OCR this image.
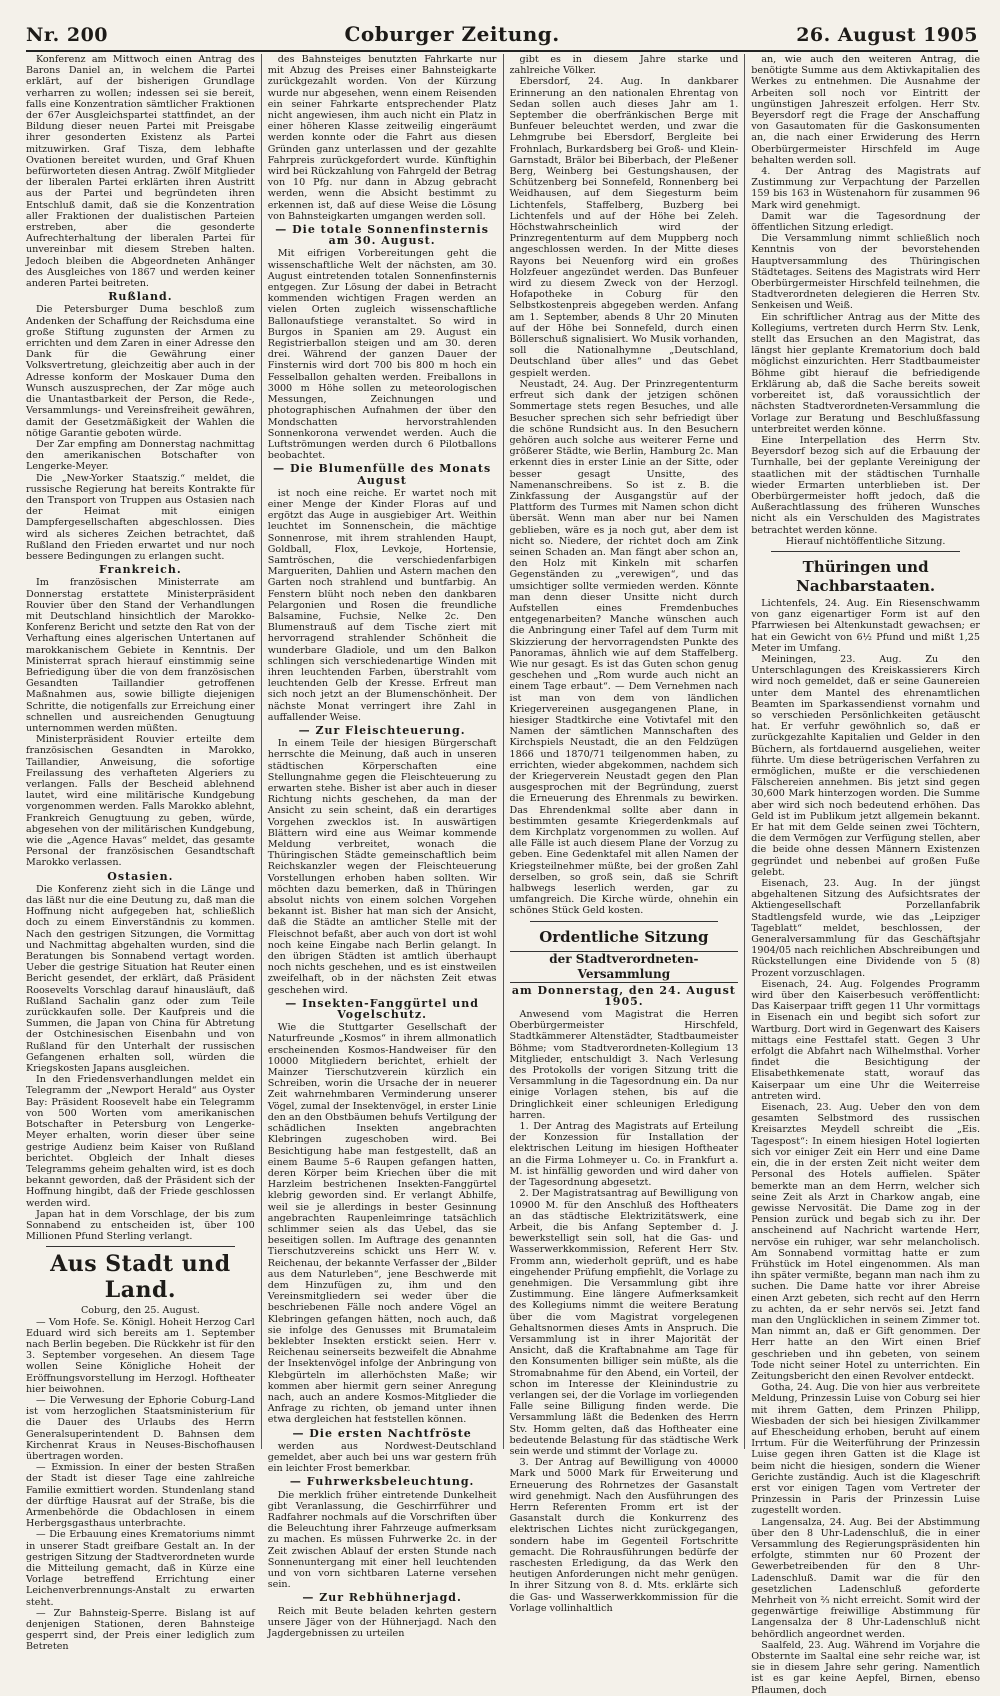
Nr. 200	Coburger Zeitung.	26. August 1905

Konferenz am Mittwoch einen Antrag des Barons Daniel an, in welchem die Partei erklärt, auf der bisherigen Grundlage verharren zu wollen; indessen sei sie bereit, falls eine Konzentration sämtlicher Fraktionen der 67er Ausgleichspartei stattfindet, an der Bildung dieser neuen Partei mit Preisgabe ihrer gesonderten Existenz als Partei mitzuwirken. Graf Tisza, dem lebhafte Ovationen bereitet wurden, und Graf Khuen befürworteten diesen Antrag. Zwölf Mitglieder der liberalen Partei erklärten ihren Austritt aus der Partei und begründeten ihren Entschluß damit, daß sie die Konzentration aller Fraktionen der dualistischen Parteien erstreben, aber die gesonderte Aufrechterhaltung der liberalen Partei für unvereinbar mit diesem Streben halten. Jedoch bleiben die Abgeordneten Anhänger des Ausgleiches von 1867 und werden keiner anderen Partei beitreten.

Rußland.

Die Petersburger Duma beschloß zum Andenken der Schaffung der Reichsduma eine große Stiftung zugunsten der Armen zu errichten und dem Zaren in einer Adresse den Dank für die Gewährung einer Volksvertretung, gleichzeitig aber auch in der Adresse konform der Moskauer Duma den Wunsch auszusprechen, der Zar möge auch die Unantastbarkeit der Person, die Rede-, Versammlungs- und Vereinsfreiheit gewähren, damit der Gesetzmäßigkeit der Wahlen die nötige Garantie geboten würde.

Der Zar empfing am Donnerstag nachmittag den amerikanischen Botschafter von Lengerke-Meyer.

Die „New-Yorker Staatszig.“ meldet, die russische Regierung hat bereits Kontrakte für den Transport von Truppen aus Ostasien nach der Heimat mit einigen Dampfergesellschaften abgeschlossen. Dies wird als sicheres Zeichen betrachtet, daß Rußland den Frieden erwartet und nur noch bessere Bedingungen zu erlangen sucht.

Frankreich.

Im französischen Ministerrate am Donnerstag erstattete Ministerpräsident Rouvier über den Stand der Verhandlungen mit Deutschland hinsichtlich der Marokko-Konferenz Bericht und setzte den Rat von der Verhaftung eines algerischen Untertanen auf marokkanischem Gebiete in Kenntnis. Der Ministerrat sprach hierauf einstimmig seine Befriedigung über die von dem französischen Gesandten Taillandier getroffenen Maßnahmen aus, sowie billigte diejenigen Schritte, die notigenfalls zur Erreichung einer schnellen und ausreichenden Genugtuung unternommen werden müßten.

Ministerpräsident Rouvier erteilte dem französischen Gesandten in Marokko, Taillandier, Anweisung, die sofortige Freilassung des verhafteten Algeriers zu verlangen. Falls der Bescheid ablehnend lautet, wird eine militärische Kundgebung vorgenommen werden. Falls Marokko ablehnt, Frankreich Genugtuung zu geben, würde, abgesehen von der militärischen Kundgebung, wie die „Agence Havas“ meldet, das gesamte Personal der französischen Gesandtschaft Marokko verlassen.

Ostasien.

Die Konferenz zieht sich in die Länge und das läßt nur die eine Deutung zu, daß man die Hoffnung nicht aufgegeben hat, schließlich doch zu einem Einverständnis zu kommen. Nach den gestrigen Sitzungen, die Vormittag und Nachmittag abgehalten wurden, sind die Beratungen bis Sonnabend vertagt worden. Ueber die gestrige Situation hat Reuter einen Bericht gesendet, der erklärt, daß Präsident Roosevelts Vorschlag darauf hinausläuft, daß Rußland Sachalin ganz oder zum Teile zurückkaufen solle. Der Kaufpreis und die Summen, die Japan von China für Abtretung der Ostchinesischen Eisenbahn und von Rußland für den Unterhalt der russischen Gefangenen erhalten soll, würden die Kriegskosten Japans ausgleichen.

In den Friedensverhandlungen meldet ein Telegramm der „Newport Herald“ aus Oyster Bay: Präsident Roosevelt habe ein Telegramm von 500 Worten vom amerikanischen Botschafter in Petersburg von Lengerke-Meyer erhalten, worin dieser über seine gestrige Audienz beim Kaiser von Rußland berichtet. Obgleich der Inhalt dieses Telegramms geheim gehalten wird, ist es doch bekannt geworden, daß der Präsident sich der Hoffnung hingibt, daß der Friede geschlossen werden wird.

Japan hat in dem Vorschlage, der bis zum Sonnabend zu entscheiden ist, über 100 Millionen Pfund Sterling verlangt.

Aus Stadt und Land.

Coburg, den 25. August.

— Vom Hofe. Se. Königl. Hoheit Herzog Carl Eduard wird sich bereits am 1. September nach Berlin begeben. Die Rückkehr ist für den 3. September vorgesehen. An diesem Tage wollen Seine Königliche Hoheit der Eröffnungsvorstellung im Herzogl. Hoftheater hier beiwohnen.

— Die Verwesung der Ephorie Coburg-Land ist vom herzoglichen Staatsministerium für die Dauer des Urlaubs des Herrn Generalsuperintendent D. Bahnsen dem Kirchenrat Kraus in Neuses-Bischofhausen übertragen worden.

— Exmission. In einer der besten Straßen der Stadt ist dieser Tage eine zahlreiche Familie exmittiert worden. Stundenlang stand der dürftige Hausrat auf der Straße, bis die Armenbehörde die Obdachlosen in einem Herbergsgasthaus unterbrachte.

— Die Erbauung eines Krematoriums nimmt in unserer Stadt greifbare Gestalt an. In der gestrigen Sitzung der Stadtverordneten wurde die Mitteilung gemacht, daß in Kürze eine Vorlage betreffend Errichtung einer Leichenverbrennungs-Anstalt zu erwarten steht.

— Zur Bahnsteig-Sperre. Bislang ist auf denjenigen Stationen, deren Bahnsteige gesperrt sind, der Preis einer lediglich zum Betreten

des Bahnsteiges benutzten Fahrkarte nur mit Abzug des Preises einer Bahnsteigkarte zurückgezahlt worden. Von der Kürzung wurde nur abgesehen, wenn einem Reisenden ein seiner Fahrkarte entsprechender Platz nicht angewiesen, ihm auch nicht ein Platz in einer höheren Klasse zeitweilig eingeräumt werden konnte oder die Fahrt aus diesen Gründen ganz unterlassen und der gezahlte Fahrpreis zurückgefordert wurde. Künftighin wird bei Rückzahlung von Fahrgeld der Betrag von 10 Pfg. nur dann in Abzug gebracht werden, wenn die Absicht bestimmt zu erkennen ist, daß auf diese Weise die Lösung von Bahnsteigkarten umgangen werden soll.

— Die totale Sonnenfinsternis am 30. August.

Mit eifrigen Vorbereitungen geht die wissenschaftliche Welt der nächsten, am 30. August eintretenden totalen Sonnenfinsternis entgegen. Zur Lösung der dabei in Betracht kommenden wichtigen Fragen werden an vielen Orten zugleich wissenschaftliche Ballonaufstiege veranstaltet. So wird in Burgos in Spanien am 29. August ein Registrierballon steigen und am 30. deren drei. Während der ganzen Dauer der Finsternis wird dort 700 bis 800 m hoch ein Fesselballon gehalten werden. Freiballons in 3000 m Höhe sollen zu meteorologischen Messungen, Zeichnungen und photographischen Aufnahmen der über den Mondschatten hervorstrahlenden Sonnenkorona verwendet werden. Auch die Luftströmungen werden durch 6 Pilotballons beobachtet.

— Die Blumenfülle des Monats August

ist noch eine reiche. Er wartet noch mit einer Menge der Kinder Floras auf und ergötzt das Auge in ausgiebiger Art. Weithin leuchtet im Sonnenschein, die mächtige Sonnenrose, mit ihrem strahlenden Haupt, Goldball, Flox, Levkoje, Hortensie, Samtröschen, die verschiedenfarbigen Margueriten, Dahlien und Astern machen den Garten noch strahlend und buntfarbig. An Fenstern blüht noch neben den dankbaren Pelargonien und Rosen die freundliche Balsamine, Fuchsie, Nelke 2c. Den Blumenstrauß auf dem Tische ziert mit hervorragend strahlender Schönheit die wunderbare Gladiole, und um den Balkon schlingen sich verschiedenartige Winden mit ihren leuchtenden Farben, überstrahlt vom leuchtenden Gelb der Kresse. Erfreut man sich noch jetzt an der Blumenschönheit. Der nächste Monat verringert ihre Zahl in auffallender Weise.

— Zur Fleischteuerung.

In einem Teile der hiesigen Bürgerschaft herrschte die Meinung, daß auch in unseren städtischen Körperschaften eine Stellungnahme gegen die Fleischteuerung zu erwarten stehe. Bisher ist aber auch in dieser Richtung nichts geschehen, da man der Ansicht zu sein scheint, daß ein derartiges Vorgehen zwecklos ist. In auswärtigen Blättern wird eine aus Weimar kommende Meldung verbreitet, wonach die Thüringischen Städte gemeinschaftlich beim Reichskanzler wegen der Fleischteuerung Vorstellungen erhoben haben sollten. Wir möchten dazu bemerken, daß in Thüringen absolut nichts von einem solchen Vorgehen bekannt ist. Bisher hat man sich der Ansicht, daß die Städte an amtlicher Stelle mit der Fleischnot befaßt, aber auch von dort ist wohl noch keine Eingabe nach Berlin gelangt. In den übrigen Städten ist amtlich überhaupt noch nichts geschehen, und es ist einstweilen zweifelhaft, ob in der nächsten Zeit etwas geschehen wird.

— Insekten-Fanggürtel und Vogelschutz.

Wie die Stuttgarter Gesellschaft der Naturfreunde „Kosmos“ in ihrem allmonatlich erscheinenden Kosmos-Handweiser für den 10000 Mitgliedern berichtet, erhielt der Mainzer Tierschutzverein kürzlich ein Schreiben, worin die Ursache der in neuerer Zeit wahrnehmbaren Verminderung unserer Vögel, zumal der Insektenvögel, in erster Linie den an den Obstbäumen behufs Vertilgung der schädlichen Insekten angebrachten Klebringen zugeschoben wird. Bei Besichtigung habe man festgestellt, daß an einem Baume 5–6 Raupen gefangen hatten, deren Körper beim Kriechen über die mit Harzleim bestrichenen Insekten-Fanggürtel klebrig geworden sind. Er verlangt Abhilfe, weil sie je allerdings in bester Gesinnung angebrachten Raupenleimringe tatsächlich schlimmer seien als das Uebel, das sie beseitigen sollen. Im Auftrage des genannten Tierschutzvereins schickt uns Herr W. v. Reichenau, der bekannte Verfasser der „Bilder aus dem Naturleben“, jene Beschwerde mit dem Hinzufügen zu, ihm und den Vereinsmitgliedern sei weder über die beschriebenen Fälle noch andere Vögel an Klebringen gefangen hätten, noch auch, daß sie infolge des Genusses mit Brumataleim beklebter Insekten erstickt seien. Herr v. Reichenau seinerseits bezweifelt die Abnahme der Insektenvögel infolge der Anbringung von Klebgürteln im allerhöchsten Maße; wir kommen aber hiermit gern seiner Anregung nach, auch an andere Kosmos-Mitglieder die Anfrage zu richten, ob jemand unter ihnen etwa dergleichen hat feststellen können.

— Die ersten Nachtfröste

werden aus Nordwest-Deutschland gemeldet, aber auch bei uns war gestern früh ein leichter Frost bemerkbar.

— Fuhrwerksbeleuchtung.

Die merklich früher eintretende Dunkelheit gibt Veranlassung, die Geschirrführer und Radfahrer nochmals auf die Vorschriften über die Beleuchtung ihrer Fahrzeuge aufmerksam zu machen. Es müssen Fuhrwerke 2c. in der Zeit zwischen Ablauf der ersten Stunde nach Sonnenuntergang mit einer hell leuchtenden und von vorn sichtbaren Laterne versehen sein.

— Zur Rebhühnerjagd.

Reich mit Beute beladen kehrten gestern unsere Jäger von der Hühnerjagd. Nach den Jagdergebnissen zu urteilen

gibt es in diesem Jahre starke und zahlreiche Völker.

Ebersdorf, 24. Aug. In dankbarer Erinnerung an den nationalen Ehrentag von Sedan sollen auch dieses Jahr am 1. September die oberfränkischen Berge mit Bunfeuer beleuchtet werden, und zwar die Lehmgrube bei Ebersdorf, Bergleite bei Frohnlach, Burkardsberg bei Groß- und Klein-Garnstadt, Brälor bei Biberbach, der Pleßener Berg, Weinberg bei Gestungshausen, der Schützenberg bei Sonnefeld, Ronnenberg bei Weidhausen, auf dem Siegesturm beim Lichtenfels, Staffelberg, Buzberg bei Lichtenfels und auf der Höhe bei Zeleh. Höchstwahrscheinlich wird der Prinzregententurm auf dem Muppberg noch angeschlossen werden. In der Mitte dieses Rayons bei Neuenforg wird ein großes Holzfeuer angezündet werden. Das Bunfeuer wird zu diesem Zweck von der Herzogl. Hofapotheke in Coburg für den Selbstkostenpreis abgegeben werden. Anfang am 1. September, abends 8 Uhr 20 Minuten auf der Höhe bei Sonnefeld, durch einen Böllerschuß signalisiert. Wo Musik vorhanden, soll die Nationalhymne „Deutschland, Deutschland über alles“ und das Gebet gespielt werden.

Neustadt, 24. Aug. Der Prinzregententurm erfreut sich dank der jetzigen schönen Sommertage stets regen Besuches, und alle Besucher sprechen sich sehr befriedigt über die schöne Rundsicht aus. In den Besuchern gehören auch solche aus weiterer Ferne und größerer Städte, wie Berlin, Hamburg 2c. Man erkennt dies in erster Linie an der Sitte, oder besser gesagt Unsitte, des Namenanschreibens. So ist z. B. die Zinkfassung der Ausgangstür auf der Plattform des Turmes mit Namen schon dicht übersät. Wenn man aber nur bei Namen geblieben, wäre es ja noch gut, aber dem ist nicht so. Niedere, der richtet doch am Zink seinen Schaden an. Man fängt aber schon an, den Holz mit Kinkeln mit scharfen Gegenständen zu „verewigen“, und das umsichtiger sollte vermieden werden. Könnte man denn dieser Unsitte nicht durch Aufstellen eines Fremdenbuches entgegenarbeiten? Manche wünschen auch die Anbringung einer Tafel auf dem Turm mit Skizzierung der hervorragendsten Punkte des Panoramas, ähnlich wie auf dem Staffelberg. Wie nur gesagt. Es ist das Guten schon genug geschehen und „Rom wurde auch nicht an einem Tage erbaut“. — Dem Vernehmen nach ist man von dem von ländlichen Kriegervereinen ausgegangenen Plane, in hiesiger Stadtkirche eine Votivtafel mit den Namen der sämtlichen Mannschaften des Kirchspiels Neustadt, die an den Feldzügen 1866 und 1870/71 teilgenommen haben, zu errichten, wieder abgekommen, nachdem sich der Kriegerverein Neustadt gegen den Plan ausgesprochen mit der Begründung, zuerst die Erneuerung des Ehrenmals zu bewirken. Das Ehrendenkmal sollte aber dann in bestimmten gesamte Kriegerdenkmals auf dem Kirchplatz vorgenommen zu wollen. Auf alle Fälle ist auch diesem Plane der Vorzug zu geben. Eine Gedenktafel mit allen Namen der Kriegsteilnehmer müßte, bei der großen Zahl derselben, so groß sein, daß sie Schrift halbwegs leserlich werden, gar zu umfangreich. Die Kirche würde, ohnehin ein schönes Stück Geld kosten.

Ordentliche Sitzung
der Stadtverordneten-Versammlung

am Donnerstag, den 24. August 1905.

Anwesend vom Magistrat die Herren Oberbürgermeister Hirschfeld, Stadtkämmerer Altenstädter, Stadtbaumeister Böhme; vom Stadtverordneten-Kollegium 13 Mitglieder, entschuldigt 3. Nach Verlesung des Protokolls der vorigen Sitzung tritt die Versammlung in die Tagesordnung ein. Da nur einige Vorlagen stehen, bis auf die Dringlichkeit einer schleunigen Erledigung harren.

1. Der Antrag des Magistrats auf Erteilung der Konzession für Installation der elektrischen Leitung im hiesigen Hoftheater an die Firma Lohmeyer u. Co. in Frankfurt a. M. ist hinfällig geworden und wird daher von der Tagesordnung abgesetzt.

2. Der Magistratsantrag auf Bewilligung von 10900 M. für den Anschluß des Hoftheaters an das städtische Elektrizitätswerk, eine Arbeit, die bis Anfang September d. J. bewerkstelligt sein soll, hat die Gas- und Wasserwerkkommission, Referent Herr Stv. Fromm ann, wiederholt geprüft, und es habe eingehender Prüfung empfiehlt, die Vorlage zu genehmigen. Die Versammlung gibt ihre Zustimmung. Eine längere Aufmerksamkeit des Kollegiums nimmt die weitere Beratung über die vom Magistrat vorgelegenen Gehaltsnormen dieses Amts in Anspruch. Die Versammlung ist in ihrer Majorität der Ansicht, daß die Kraftabnahme am Tage für den Konsumenten billiger sein müßte, als die Stromabnahme für den Abend, ein Vorteil, der schon im Interesse der Kleinindustrie zu verlangen sei, der die Vorlage im vorliegenden Falle seine Billigung finden werde. Die Versammlung läßt die Bedenken des Herrn Stv. Homm gelten, daß das Hoftheater eine bedeutende Belastung für das städtische Werk sein werde und stimmt der Vorlage zu.

3. Der Antrag auf Bewilligung von 40000 Mark und 5000 Mark für Erweiterung und Erneuerung des Rohrnetzes der Gasanstalt wird genehmigt. Nach den Ausführungen des Herrn Referenten Fromm ert ist der Gasanstalt durch die Konkurrenz des elektrischen Lichtes nicht zurückgegangen, sondern habe im Gegenteil Fortschritte gemacht. Die Rohrausführungen bedürfe der raschesten Erledigung, da das Werk den heutigen Anforderungen nicht mehr genügen. In ihrer Sitzung von 8. d. Mts. erklärte sich die Gas- und Wasserwerkkommission für die Vorlage vollinhaltlich

an, wie auch den weiteren Antrag, die benötigte Summe aus dem Aktivkapitalien des Werkes zu entnehmen. Die Ausnahme der Arbeiten soll noch vor Eintritt der ungünstigen Jahreszeit erfolgen. Herr Stv. Beyersdorf regt die Frage der Anschaffung von Gasautomaten für die Gaskonsumenten an, die nach einer Erwiderung des Herrn Oberbürgermeister Hirschfeld im Auge behalten werden soll.

4. Der Antrag des Magistrats auf Zustimmung zur Verpachtung der Parzellen 159 bis 163 in Wüstenahorn für zusammen 96 Mark wird genehmigt.

Damit war die Tagesordnung der öffentlichen Sitzung erledigt.

Die Versammlung nimmt schließlich noch Kenntnis von der bevorstehenden Hauptversammlung des Thüringischen Städtetages. Seitens des Magistrats wird Herr Oberbürgermeister Hirschfeld teilnehmen, die Stadtverordneten delegieren die Herren Stv. Senkeisen und Weiß.

Ein schriftlicher Antrag aus der Mitte des Kollegiums, vertreten durch Herrn Stv. Lenk, stellt das Ersuchen an den Magistrat, das längst hier geplante Krematorium doch bald möglichst einzurichten. Herr Stadtbaumeister Böhme gibt hierauf die befriedigende Erklärung ab, daß die Sache bereits soweit vorbereitet ist, daß voraussichtlich der nächsten Stadtverordneten-Versammlung die Vorlage zur Beratung und Beschlußfassung unterbreitet werden könne.

Eine Interpellation des Herrn Stv. Beyersdorf bezog sich auf die Erbauung der Turnhalle, bei der geplante Vereinigung der staatlichen mit der städtischen Turnhalle wieder Ermarten unterblieben ist. Der Oberbürgermeister hofft jedoch, daß die Außerachtlassung des früheren Wunsches nicht als ein Verschulden des Magistrates betrachtet werden könne.

Hierauf nichtöffentliche Sitzung.

Thüringen und Nachbarstaaten.

Lichtenfels, 24. Aug. Ein Riesenschwamm von ganz eigenartiger Form ist auf den Pfarrwiesen bei Altenkunstadt gewachsen; er hat ein Gewicht von 6½ Pfund und mißt 1,25 Meter im Umfang.

Meiningen, 23. Aug. Zu den Unterschlagungen des Kreiskassierers Kirch wird noch gemeldet, daß er seine Gaunereien unter dem Mantel des ehrenamtlichen Beamten im Sparkassendienst vornahm und so verschieden Persönlichkeiten getäuscht hat. Er verfuhr gewöhnlich so, daß er zurückgezahlte Kapitalien und Gelder in den Büchern, als fortdauernd ausgeliehen, weiter führte. Um diese betrügerischen Verfahren zu ermöglichen, mußte er die verschiedenen Fälschereien annehmen. Bis jetzt sind gegen 30,600 Mark hinterzogen worden. Die Summe aber wird sich noch bedeutend erhöhen. Das Geld ist im Publikum jetzt allgemein bekannt. Er hat mit dem Gelde seinen zwei Töchtern, die dem Vermögen zur Verfügung stellen, aber die beide ohne dessen Männern Existenzen gegründet und nebenbei auf großen Fuße gelebt.

Eisenach, 23. Aug. In der jüngst abgehaltenen Sitzung des Aufsichtsrates der Aktiengesellschaft Porzellanfabrik Stadtlengsfeld wurde, wie das „Leipziger Tageblatt“ meldet, beschlossen, der Generalversammlung für das Geschäftsjahr 1904/05 nach reichlichen Abschreibungen und Rückstellungen eine Dividende von 5 (8) Prozent vorzuschlagen.

Eisenach, 24. Aug. Folgendes Programm wird über den Kaiserbesuch veröffentlicht: Das Kaiserpaar trifft gegen 11 Uhr vormittags in Eisenach ein und begibt sich sofort zur Wartburg. Dort wird in Gegenwart des Kaisers mittags eine Festtafel statt. Gegen 3 Uhr erfolgt die Abfahrt nach Wilhelmsthal. Vorher findet die Besichtigung der Elisabethkemenate statt, worauf das Kaiserpaar um eine Uhr die Weiterreise antreten wird.

Eisenach, 23. Aug. Ueber den von dem gesamten Selbstmord des russischen Kreisarztes Meydell schreibt die „Eis. Tagespost“: In einem hiesigen Hotel logierten sich vor einiger Zeit ein Herr und eine Dame ein, die in der ersten Zeit nicht weiter dem Personal des Hotels auffielen. Später bemerkte man an dem Herrn, welcher sich seine Zeit als Arzt in Charkow angab, eine gewisse Nervosität. Die Dame zog in der Pension zurück und begab sich zu ihr. Der anscheinend auf Nachricht wartende Herr, nervöse ein ruhiger, war sehr melancholisch. Am Sonnabend vormittag hatte er zum Frühstück im Hotel eingenommen. Als man ihn später vermißte, begann man nach ihm zu suchen. Die Dame hatte vor ihrer Abreise einen Arzt gebeten, sich recht auf den Herrn zu achten, da er sehr nervös sei. Jetzt fand man den Unglücklichen in seinem Zimmer tot. Man nimmt an, daß er Gift genommen. Der Herr hatte an den Wirt einen Brief geschrieben und ihn gebeten, von seinem Tode nicht seiner Hotel zu unterrichten. Ein Zeitungsbericht den einen Revolver entdeckt.

Gotha, 24. Aug. Die von hier aus verbreitete Meldung, Prinzessin Luise von Coburg sei hier mit ihrem Gatten, dem Prinzen Philipp, Wiesbaden der sich bei hiesigen Zivilkammer auf Ehescheidung erhoben, beruht auf einem Irrtum. Für die Weiterführung der Prinzessin Luise gegen ihren Gatten ist die Klage ist beim nicht die hiesigen, sondern die Wiener Gerichte zuständig. Auch ist die Klageschrift erst vor einigen Tagen vom Vertreter der Prinzessin in Paris der Prinzessin Luise zugestellt worden.

Langensalza, 24. Aug. Bei der Abstimmung über den 8 Uhr-Ladenschluß, die in einer Versammlung des Regierungspräsidenten hin erfolgte, stimmten nur 60 Prozent der Gewerbetreibenden für den 8 Uhr-Ladenschluß. Damit war die für den gesetzlichen Ladenschluß geforderte Mehrheit von ⅔ nicht erreicht. Somit wird der gegenwärtige freiwillige Abstimmung für Langensalza der 8 Uhr-Ladenschluß nicht behördlich angeordnet werden.

Saalfeld, 23. Aug. Während im Vorjahre die Obsternte im Saaltal eine sehr reiche war, ist sie in diesem Jahre sehr gering. Namentlich ist es gar keine Aepfel, Birnen, ebenso Pflaumen, doch
